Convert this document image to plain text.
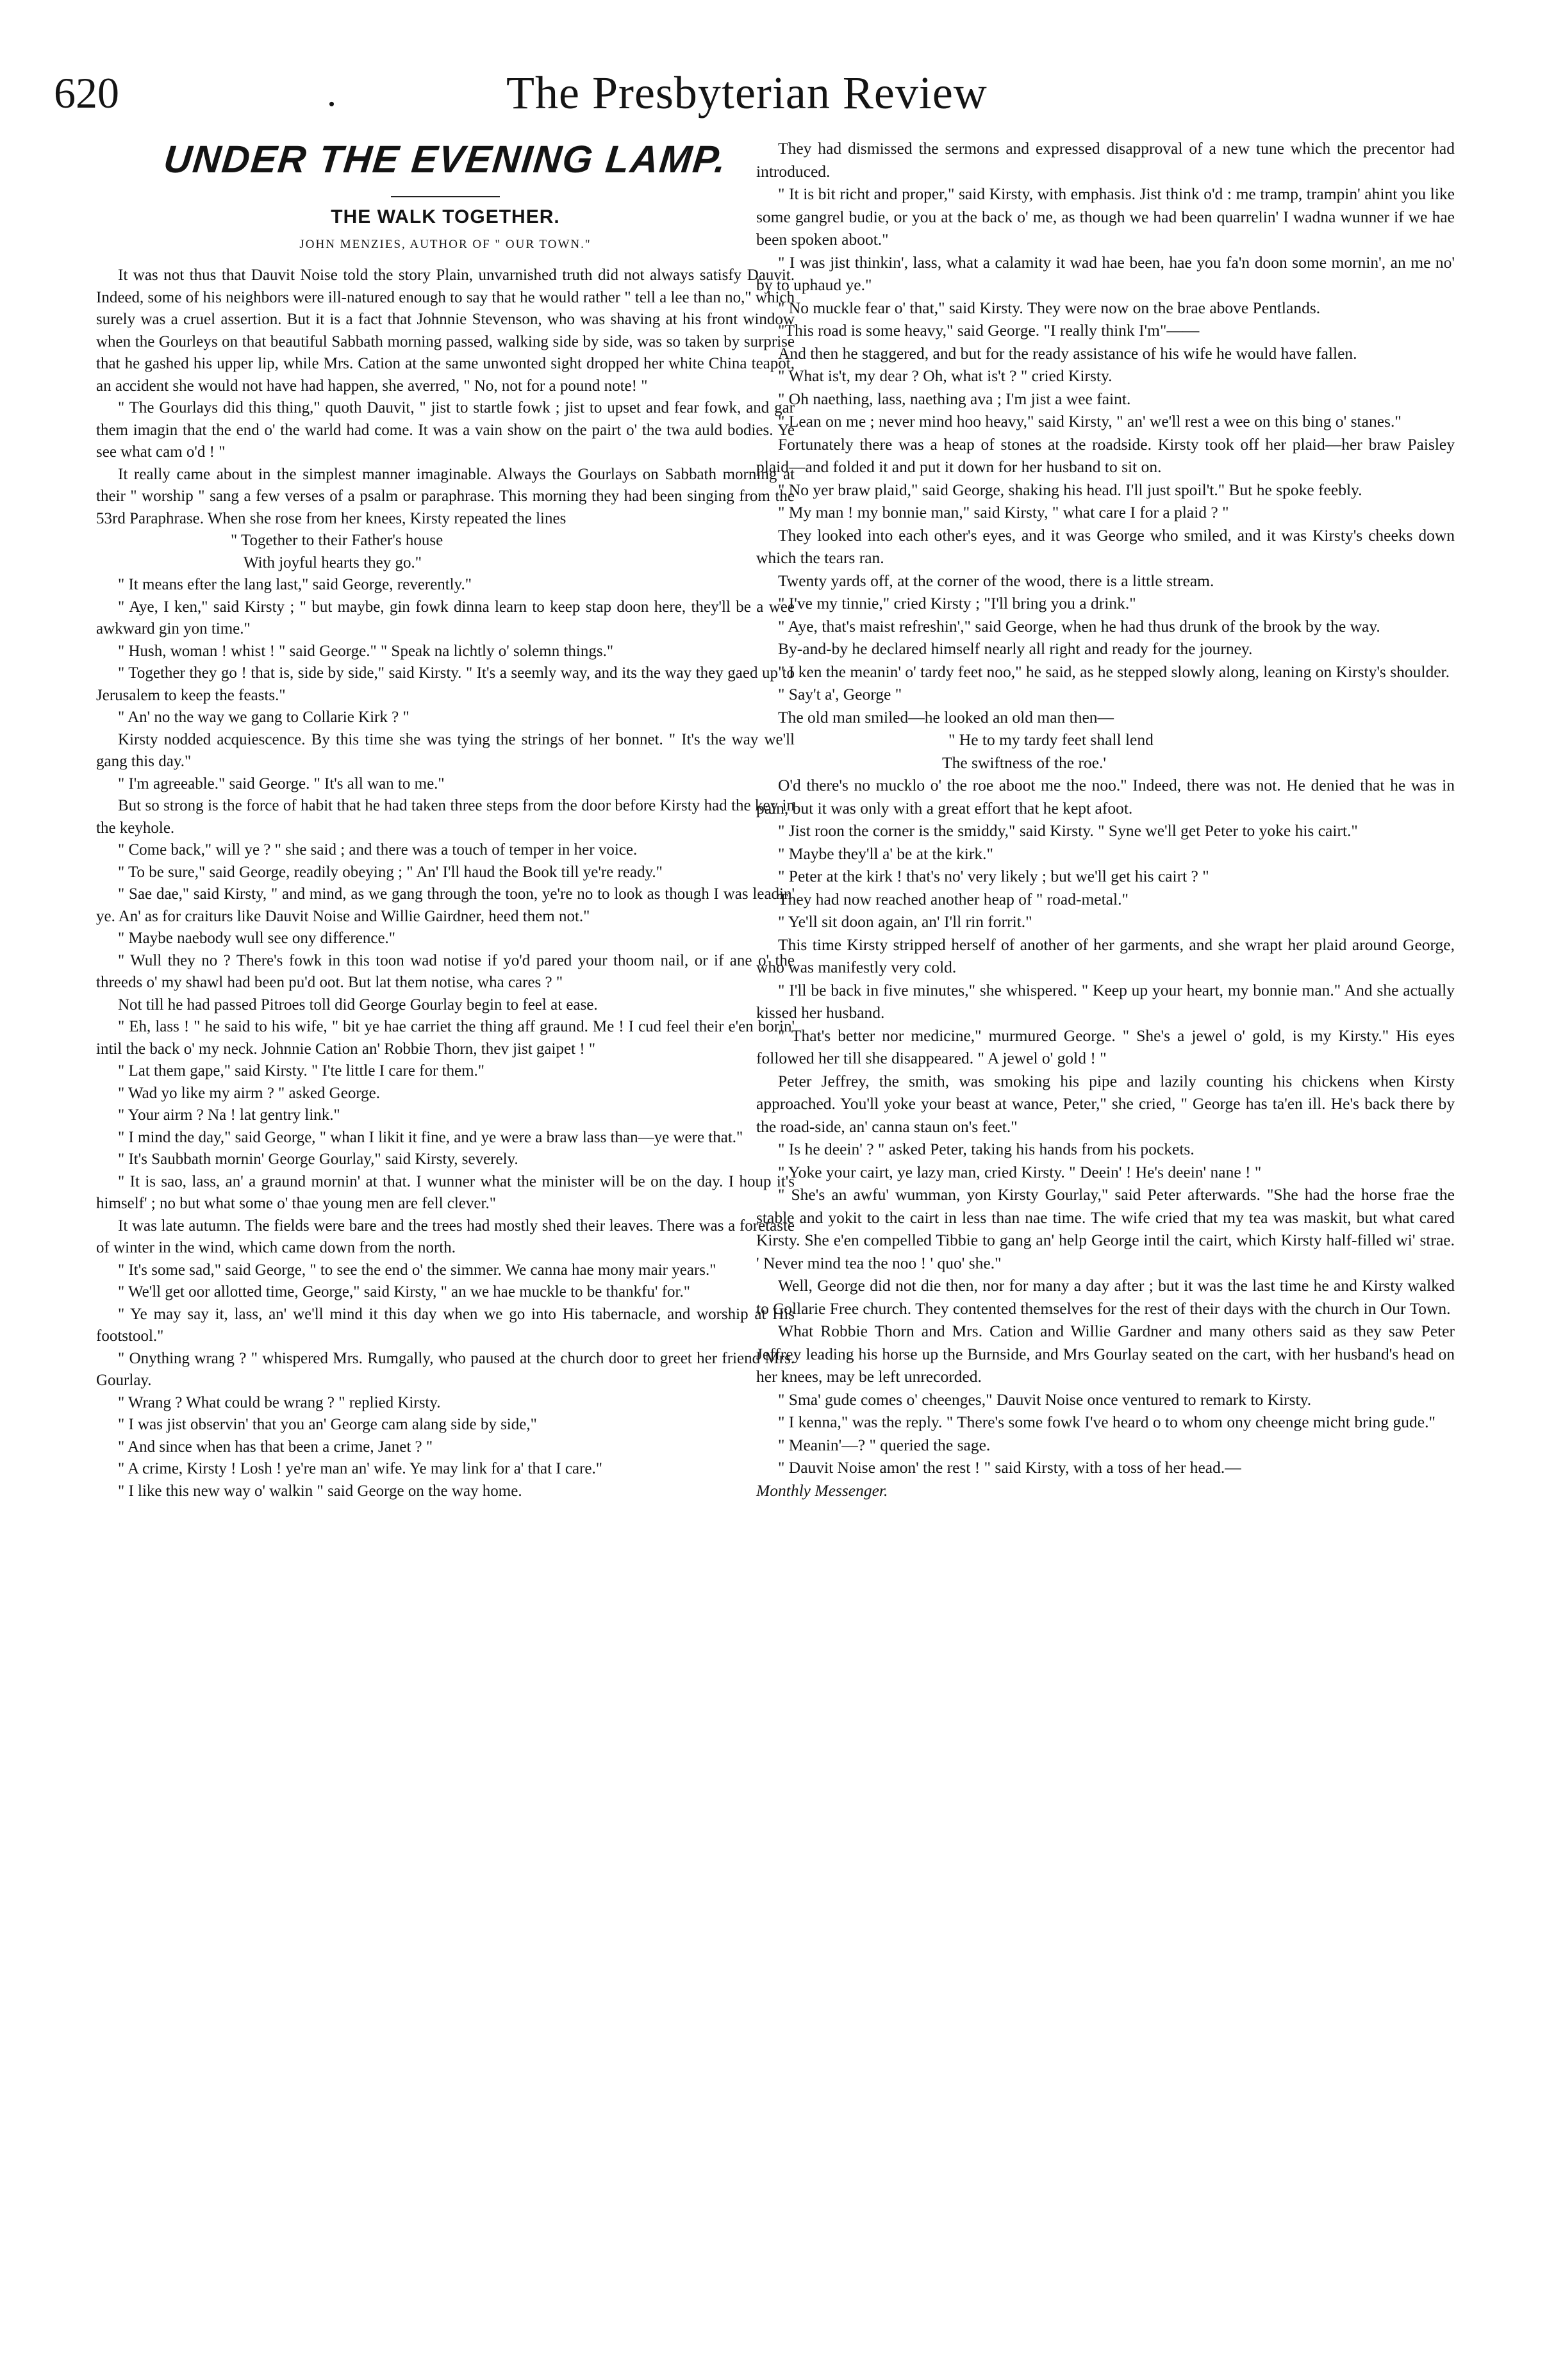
620	.	The Presbyterian Review
UNDER THE EVENING LAMP.
THE WALK TOGETHER.
JOHN MENZIES, AUTHOR OF " OUR TOWN."

It was not thus that Dauvit Noise told the story Plain, unvarnished truth did not always satisfy Dauvit. Indeed, some of his neighbors were ill-natured enough to say that he would rather " tell a lee than no," which surely was a cruel assertion. But it is a fact that Johnnie Stevenson, who was shaving at his front window when the Gourleys on that beautiful Sabbath morning passed, walking side by side, was so taken by surprise that he gashed his upper lip, while Mrs. Cation at the same unwonted sight dropped her white China teapot, an accident she would not have had happen, she averred, " No, not for a pound note! "

" The Gourlays did this thing," quoth Dauvit, " jist to startle fowk ; jist to upset and fear fowk, and gar them imagin that the end o' the warld had come. It was a vain show on the pairt o' the twa auld bodies. Ye see what cam o'd ! "

It really came about in the simplest manner imaginable. Always the Gourlays on Sabbath morning at their " worship " sang a few verses of a psalm or paraphrase. This morning they had been singing from the 53rd Paraphrase. When she rose from her knees, Kirsty repeated the lines

" Together to their Father's house

With joyful hearts they go."

" It means efter the lang last," said George, reverently."

" Aye, I ken," said Kirsty ; " but maybe, gin fowk dinna learn to keep stap doon here, they'll be a wee awkward gin yon time."

" Hush, woman ! whist ! " said George." " Speak na lichtly o' solemn things."

" Together they go ! that is, side by side," said Kirsty. " It's a seemly way, and its the way they gaed up to Jerusalem to keep the feasts."

" An' no the way we gang to Collarie Kirk ? "

Kirsty nodded acquiescence. By this time she was tying the strings of her bonnet. " It's the way we'll gang this day."

" I'm agreeable." said George. " It's all wan to me."

But so strong is the force of habit that he had taken three steps from the door before Kirsty had the key in the keyhole.

" Come back," will ye ? " she said ; and there was a touch of temper in her voice.

" To be sure," said George, readily obeying ; " An' I'll haud the Book till ye're ready."

" Sae dae," said Kirsty, " and mind, as we gang through the toon, ye're no to look as though I was leadin' ye. An' as for craiturs like Dauvit Noise and Willie Gairdner, heed them not."

" Maybe naebody wull see ony difference."

" Wull they no ? There's fowk in this toon wad notise if yo'd pared your thoom nail, or if ane o' the threeds o' my shawl had been pu'd oot. But lat them notise, wha cares ? "

Not till he had passed Pitroes toll did George Gourlay begin to feel at ease.

" Eh, lass ! " he said to his wife, " bit ye hae carriet the thing aff graund. Me ! I cud feel their e'en borin' intil the back o' my neck. Johnnie Cation an' Robbie Thorn, thev jist gaipet ! "

" Lat them gape," said Kirsty. " I'te little I care for them."

" Wad yo like my airm ? " asked George.

" Your airm ? Na ! lat gentry link."

" I mind the day," said George, " whan I likit it fine, and ye were a braw lass than—ye were that."

" It's Saubbath mornin' George Gourlay," said Kirsty, severely.

" It is sao, lass, an' a graund mornin' at that. I wunner what the minister will be on the day. I houp it's himself' ; no but what some o' thae young men are fell clever."

It was late autumn. The fields were bare and the trees had mostly shed their leaves. There was a foretaste of winter in the wind, which came down from the north.

" It's some sad," said George, " to see the end o' the simmer. We canna hae mony mair years."

" We'll get oor allotted time, George," said Kirsty, " an we hae muckle to be thankfu' for."

" Ye may say it, lass, an' we'll mind it this day when we go into His tabernacle, and worship at His footstool."

" Onything wrang ? " whispered Mrs. Rumgally, who paused at the church door to greet her friend Mrs. Gourlay.

" Wrang ? What could be wrang ? " replied Kirsty.

" I was jist observin' that you an' George cam alang side by side,"

" And since when has that been a crime, Janet ? "

" A crime, Kirsty ! Losh ! ye're man an' wife. Ye may link for a' that I care."

" I like this new way o' walkin " said George on the way home.

They had dismissed the sermons and expressed disapproval of a new tune which the precentor had introduced.

" It is bit richt and proper," said Kirsty, with emphasis. Jist think o'd : me tramp, trampin' ahint you like some gangrel budie, or you at the back o' me, as though we had been quarrelin' I wadna wunner if we hae been spoken aboot."

" I was jist thinkin', lass, what a calamity it wad hae been, hae you fa'n doon some mornin', an me no' by to uphaud ye."

" No muckle fear o' that," said Kirsty. They were now on the brae above Pentlands.

"This road is some heavy," said George. "I really think I'm"——

And then he staggered, and but for the ready assistance of his wife he would have fallen.

" What is't, my dear ? Oh, what is't ? " cried Kirsty.

" Oh naething, lass, naething ava ; I'm jist a wee faint.

" Lean on me ; never mind hoo heavy," said Kirsty, " an' we'll rest a wee on this bing o' stanes."

Fortunately there was a heap of stones at the roadside. Kirsty took off her plaid—her braw Paisley plaid—and folded it and put it down for her husband to sit on.

" No yer braw plaid," said George, shaking his head. I'll just spoil't." But he spoke feebly.

" My man ! my bonnie man," said Kirsty, " what care I for a plaid ? "

They looked into each other's eyes, and it was George who smiled, and it was Kirsty's cheeks down which the tears ran.

Twenty yards off, at the corner of the wood, there is a little stream.

" I've my tinnie," cried Kirsty ; "I'll bring you a drink."

" Aye, that's maist refreshin'," said George, when he had thus drunk of the brook by the way.

By-and-by he declared himself nearly all right and ready for the journey.

" I ken the meanin' o' tardy feet noo," he said, as he stepped slowly along, leaning on Kirsty's shoulder.

" Say't a', George "

The old man smiled—he looked an old man then—

" He to my tardy feet shall lend

The swiftness of the roe.'

O'd there's no mucklo o' the roe aboot me the noo." Indeed, there was not. He denied that he was in pain, but it was only with a great effort that he kept afoot.

" Jist roon the corner is the smiddy," said Kirsty. " Syne we'll get Peter to yoke his cairt."

" Maybe they'll a' be at the kirk."

" Peter at the kirk ! that's no' very likely ; but we'll get his cairt ? "

They had now reached another heap of " road-metal."

" Ye'll sit doon again, an' I'll rin forrit."

This time Kirsty stripped herself of another of her garments, and she wrapt her plaid around George, who was manifestly very cold.

" I'll be back in five minutes," she whispered. " Keep up your heart, my bonnie man." And she actually kissed her husband.

" That's better nor medicine," murmured George. " She's a jewel o' gold, is my Kirsty." His eyes followed her till she disappeared. " A jewel o' gold ! "

Peter Jeffrey, the smith, was smoking his pipe and lazily counting his chickens when Kirsty approached. You'll yoke your beast at wance, Peter," she cried, " George has ta'en ill. He's back there by the road-side, an' canna staun on's feet."

" Is he deein' ? " asked Peter, taking his hands from his pockets.

" Yoke your cairt, ye lazy man, cried Kirsty. " Deein' ! He's deein' nane ! "

" She's an awfu' wumman, yon Kirsty Gourlay," said Peter afterwards. "She had the horse frae the stable and yokit to the cairt in less than nae time. The wife cried that my tea was maskit, but what cared Kirsty. She e'en compelled Tibbie to gang an' help George intil the cairt, which Kirsty half-filled wi' strae. ' Never mind tea the noo ! ' quo' she."

Well, George did not die then, nor for many a day after ; but it was the last time he and Kirsty walked to Collarie Free church. They contented themselves for the rest of their days with the church in Our Town.

What Robbie Thorn and Mrs. Cation and Willie Gardner and many others said as they saw Peter Jeffrey leading his horse up the Burnside, and Mrs Gourlay seated on the cart, with her husband's head on her knees, may be left unrecorded.

" Sma' gude comes o' cheenges," Dauvit Noise once ventured to remark to Kirsty.

" I kenna," was the reply. " There's some fowk I've heard o to whom ony cheenge micht bring gude."

" Meanin'—? " queried the sage.

" Dauvit Noise amon' the rest ! " said Kirsty, with a toss of her head.—

Monthly Messenger.
